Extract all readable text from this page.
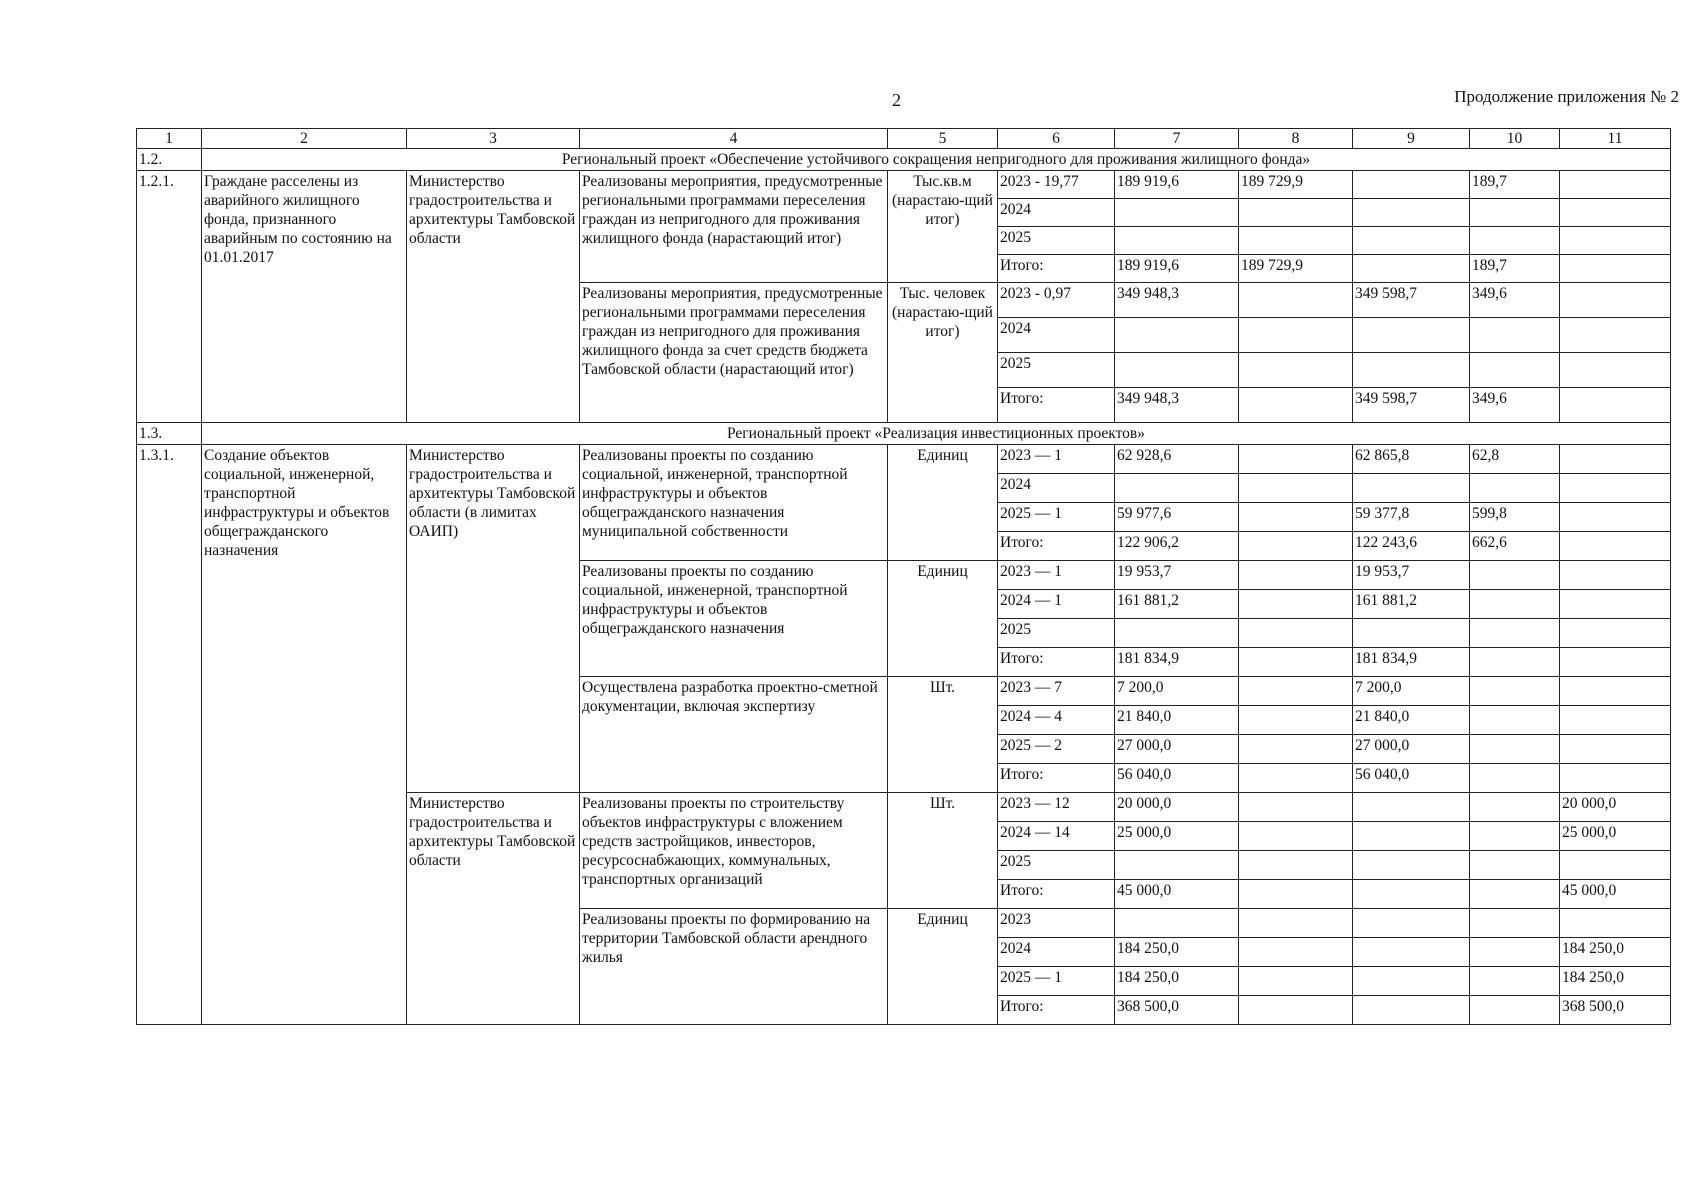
2	Продолжение приложения № 2
1	2	3	4	5	6	7	8	9	10	11
1.2.	Региональный проект «Обеспечение устойчивого сокращения непригодного для проживания жилищного фонда»									
1.2.1.	Граждане расселены из аварийного жилищного фонда, признанного аварийным по состоянию на 01.01.2017	Министерство градостроительства и архитектуры Тамбовской области	Реализованы мероприятия, предусмотренные региональными программами переселения граждан из непригодного для проживания жилищного фонда (нарастающий итог)	Тыс.кв.м (нарастаю-щий итог)	2023 - 19,77	189 919,6	189 729,9		189,7	
					2024					
					2025					
					Итого:	189 919,6	189 729,9		189,7	
			Реализованы мероприятия, предусмотренные региональными программами переселения граждан из непригодного для проживания жилищного фонда за счет средств бюджета Тамбовской области (нарастающий итог)	Тыс. человек (нарастаю-щий итог)	2023 - 0,97	349 948,3		349 598,7	349,6	
					2024					
					2025					
					Итого:	349 948,3		349 598,7	349,6	
1.3.	Региональный проект «Реализация инвестиционных проектов»									
1.3.1.	Создание объектов социальной, инженерной, транспортной инфраструктуры и объектов общегражданского назначения	Министерство градостроительства и архитектуры Тамбовской области (в лимитах ОАИП)	Реализованы проекты по созданию социальной, инженерной, транспортной инфраструктуры и объектов общегражданского назначения муниципальной собственности	Единиц	2023 — 1	62 928,6		62 865,8	62,8	
					2024					
					2025 — 1	59 977,6		59 377,8	599,8	
					Итого:	122 906,2		122 243,6	662,6	
			Реализованы проекты по созданию социальной, инженерной, транспортной инфраструктуры и объектов общегражданского назначения	Единиц	2023 — 1	19 953,7		19 953,7		
					2024 — 1	161 881,2		161 881,2		
					2025					
					Итого:	181 834,9		181 834,9		
			Осуществлена разработка проектно-сметной документации, включая экспертизу	Шт.	2023 — 7	7 200,0		7 200,0		
					2024 — 4	21 840,0		21 840,0		
					2025 — 2	27 000,0		27 000,0		
					Итого:	56 040,0		56 040,0		
		Министерство градостроительства и архитектуры Тамбовской области	Реализованы проекты по строительству объектов инфраструктуры с вложением средств застройщиков, инвесторов, ресурсоснабжающих, коммунальных, транспортных организаций	Шт.	2023 — 12	20 000,0				20 000,0
					2024 — 14	25 000,0				25 000,0
					2025					
					Итого:	45 000,0				45 000,0
			Реализованы проекты по формированию на территории Тамбовской области арендного жилья	Единиц	2023					
					2024	184 250,0				184 250,0
					2025 — 1	184 250,0				184 250,0
					Итого:	368 500,0				368 500,0
